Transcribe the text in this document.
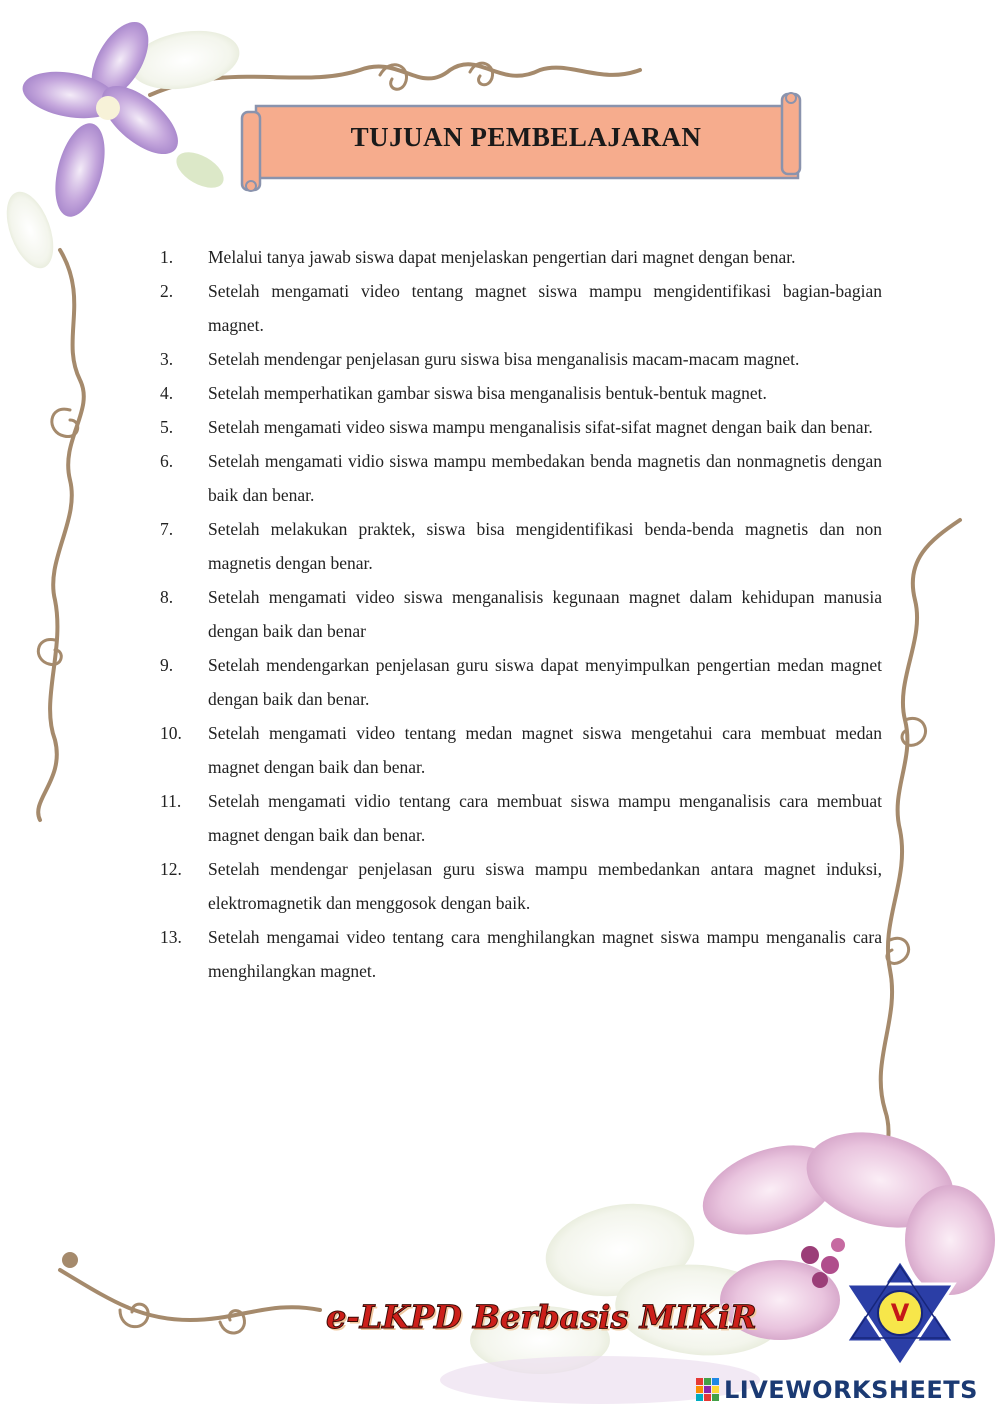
TUJUAN PEMBELAJARAN
1.	Melalui tanya jawab siswa dapat menjelaskan pengertian dari magnet dengan benar.
2.	Setelah mengamati video tentang magnet siswa mampu mengidentifikasi bagian-bagian magnet.
3.	Setelah mendengar penjelasan guru siswa bisa menganalisis macam-macam magnet.
4.	Setelah memperhatikan gambar siswa bisa menganalisis bentuk-bentuk magnet.
5.	Setelah mengamati video siswa mampu menganalisis sifat-sifat magnet dengan baik dan benar.
6.	Setelah mengamati vidio siswa mampu membedakan benda magnetis dan nonmagnetis dengan baik dan benar.
7.	Setelah melakukan praktek, siswa bisa mengidentifikasi benda-benda magnetis dan non magnetis dengan benar.
8.	Setelah mengamati video siswa menganalisis kegunaan magnet dalam kehidupan manusia dengan baik dan benar
9.	Setelah mendengarkan penjelasan guru siswa dapat menyimpulkan pengertian medan magnet dengan baik dan benar.
10.	Setelah mengamati video tentang medan magnet siswa mengetahui cara membuat medan magnet dengan baik dan benar.
11.	Setelah mengamati vidio tentang cara membuat siswa mampu menganalisis cara membuat magnet dengan baik dan benar.
12.	Setelah mendengar penjelasan guru siswa mampu membedankan antara magnet induksi, elektromagnetik dan menggosok dengan baik.
13.	Setelah mengamai video tentang cara menghilangkan magnet siswa mampu menganalis cara menghilangkan magnet.
e-LKPD Berbasis MIKiR	V
LIVEWORKSHEETS
